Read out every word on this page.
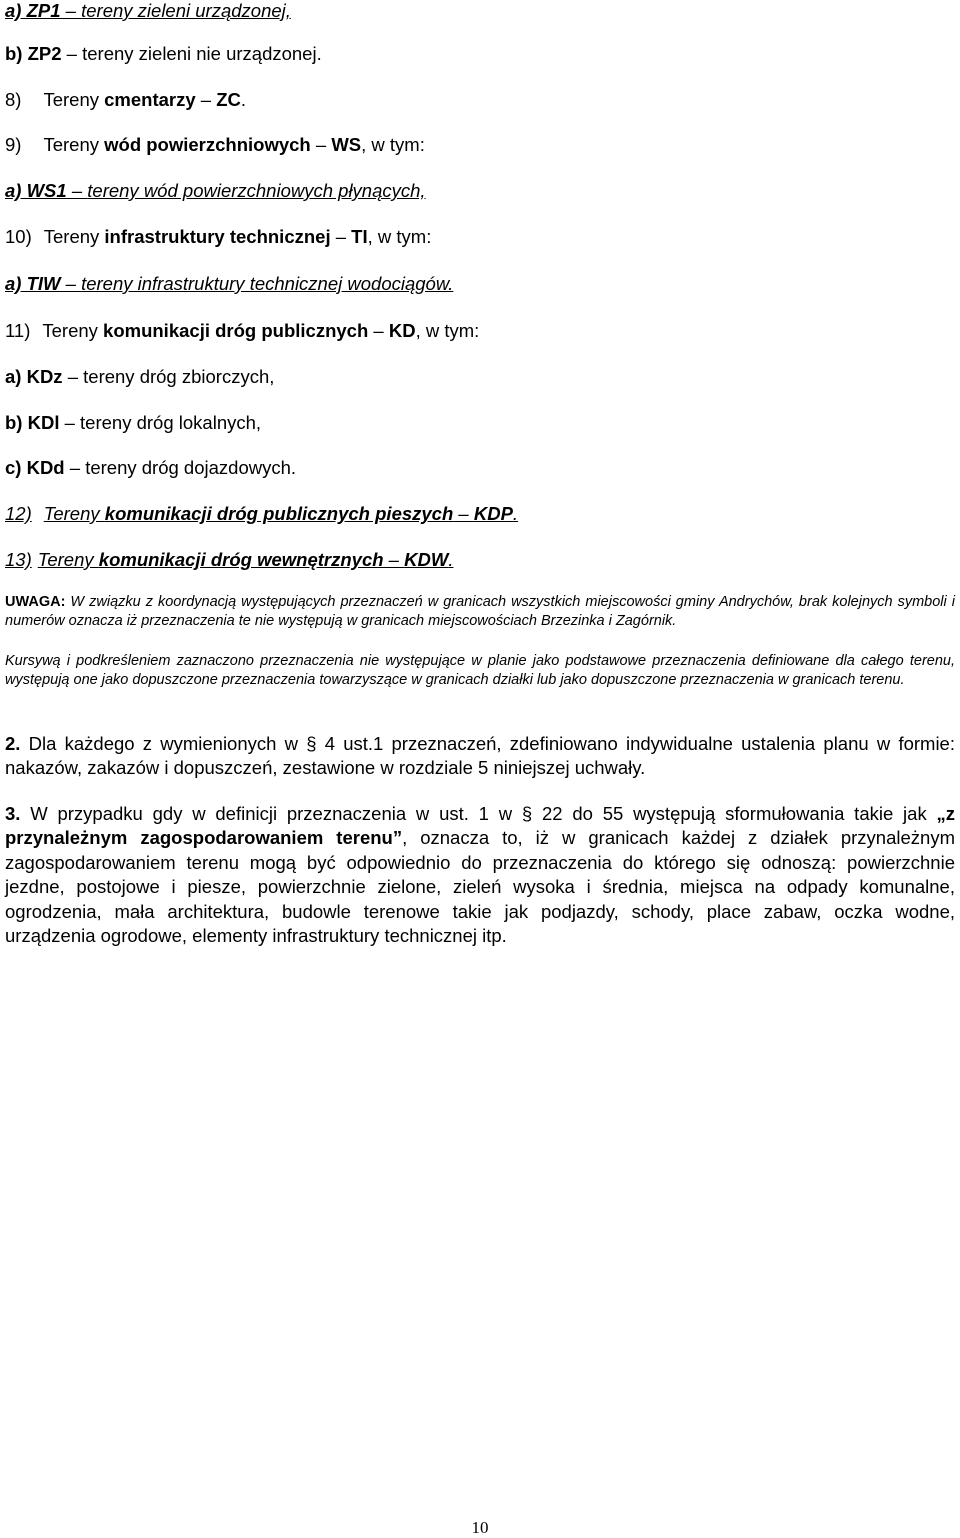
a) ZP1 – tereny zieleni urządzonej,
b) ZP2 – tereny zieleni nie urządzonej.
8) Tereny cmentarzy – ZC.
9) Tereny wód powierzchniowych – WS, w tym:
a) WS1 – tereny wód powierzchniowych płynących,
10) Tereny infrastruktury technicznej – TI, w tym:
a) TIW – tereny infrastruktury technicznej wodociągów.
11) Tereny komunikacji dróg publicznych – KD, w tym:
a) KDz – tereny dróg zbiorczych,
b) KDl – tereny dróg lokalnych,
c) KDd – tereny dróg dojazdowych.
12) Tereny komunikacji dróg publicznych pieszych – KDP.
13) Tereny komunikacji dróg wewnętrznych – KDW.
UWAGA: W związku z koordynacją występujących przeznaczeń w granicach wszystkich miejscowości gminy Andrychów, brak kolejnych symboli i numerów oznacza iż przeznaczenia te nie występują w granicach miejscowościach Brzezinka i Zagórnik.
Kursywą i podkreśleniem zaznaczono przeznaczenia nie występujące w planie jako podstawowe przeznaczenia definiowane dla całego terenu, występują one jako dopuszczone przeznaczenia towarzyszące w granicach działki lub jako dopuszczone przeznaczenia w granicach terenu.
2. Dla każdego z wymienionych w § 4 ust.1 przeznaczeń, zdefiniowano indywidualne ustalenia planu w formie: nakazów, zakazów i dopuszczeń, zestawione w rozdziale 5 niniejszej uchwały.
3. W przypadku gdy w definicji przeznaczenia w ust. 1 w § 22 do 55 występują sformułowania takie jak „z przynależnym zagospodarowaniem terenu”, oznacza to, iż w granicach każdej z działek przynależnym zagospodarowaniem terenu mogą być odpowiednio do przeznaczenia do którego się odnoszą: powierzchnie jezdne, postojowe i piesze, powierzchnie zielone, zieleń wysoka i średnia, miejsca na odpady komunalne, ogrodzenia, mała architektura, budowle terenowe takie jak podjazdy, schody, place zabaw, oczka wodne, urządzenia ogrodowe, elementy infrastruktury technicznej itp.
10
